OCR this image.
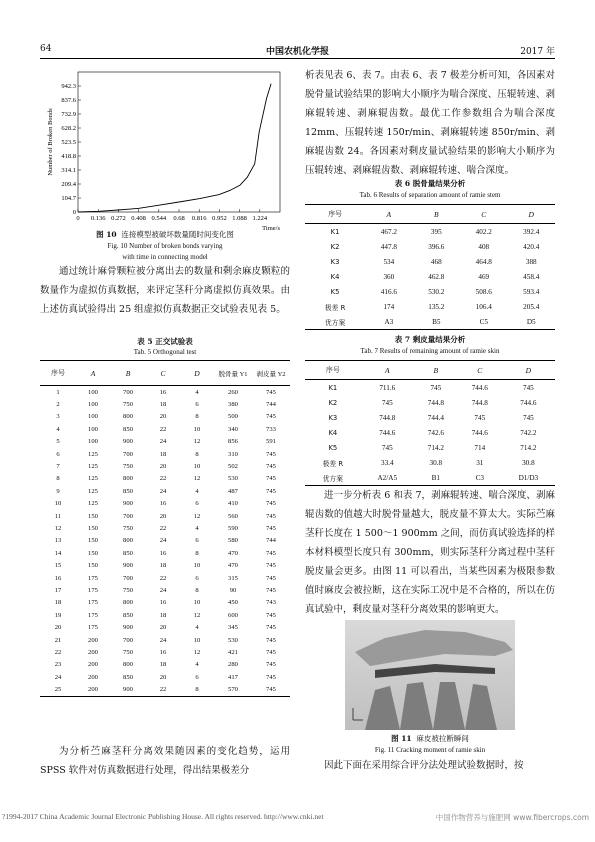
64	中国农机化学报	2017 年
0
104.7
209.4
314.1
418.8
523.5
628.2
732.9
837.6
942.3
0 0.136 0.272 0.408 0.544 0.68 0.816 0.952 1.088 1.224
Number of Broken Bonds
Time/s
图 10 连接模型被破坏数量随时间变化图
Fig. 10 Number of broken bonds varying
with time in connecting model
通过统计麻骨颗粒被分离出去的数量和剩余麻皮颗粒的数量作为虚拟仿真数据，来评定茎秆分离虚拟仿真效果。由上述仿真试验得出 25 组虚拟仿真数据正交试验表见表 5。
表 5 正交试验表
Tab. 5 Orthogonal test
序号	A	B	C	D	脱骨量 Y1	剥皮量 Y2
1	100	700	16	4	260	745
2	100	750	18	6	380	744
3	100	800	20	8	500	745
4	100	850	22	10	340	733
5	100	900	24	12	856	591
6	125	700	18	8	310	745
7	125	750	20	10	502	745
8	125	800	22	12	530	745
9	125	850	24	4	487	745
10	125	900	16	6	410	745
11	150	700	20	12	560	745
12	150	750	22	4	590	745
13	150	800	24	6	580	744
14	150	850	16	8	470	745
15	150	900	18	10	470	745
16	175	700	22	6	315	745
17	175	750	24	8	90	745
18	175	800	16	10	450	743
19	175	850	18	12	600	745
20	175	900	20	4	345	745
21	200	700	24	10	530	745
22	200	750	16	12	421	745
23	200	800	18	4	280	745
24	200	850	20	6	417	745
25	200	900	22	8	570	745
为分析苎麻茎秆分离效果随因素的变化趋势，运用 SPSS 软件对仿真数据进行处理，得出结果极差分
析表见表 6、表 7。由表 6、表 7 极差分析可知，各因素对脱骨量试验结果的影响大小顺序为喘合深度、压辊转速、剥麻辊转速、剥麻辊齿数。最优工作参数组合为喘合深度 12mm、压辊转速 150r/min、剥麻辊转速 850r/min、剥麻辊齿数 24。各因素对剩皮量试验结果的影响大小顺序为压辊转速、剥麻辊齿数、剥麻辊转速、喘合深度。
表 6 脱骨量结果分析
Tab. 6 Results of separation amount of ramie stem
序号	A	B	C	D
K1	467.2	395	402.2	392.4
K2	447.8	396.6	408	420.4
K3	534	468	464.8	388
K4	360	462.8	469	458.4
K5	416.6	530.2	508.6	593.4
极差 R	174	135.2	106.4	205.4
优方案	A3	B5	C5	D5
表 7 剩皮量结果分析
Tab. 7 Results of remaining amount of ramie skin
序号	A	B	C	D
K1	711.6	745	744.6	745
K2	745	744.8	744.8	744.6
K3	744.8	744.4	745	745
K4	744.6	742.6	744.6	742.2
K5	745	714.2	714	714.2
极差 R	33.4	30.8	31	30.8
优方案	A2/A5	B1	C3	D1/D3
进一步分析表 6 和表 7，剥麻辊转速、喘合深度、剥麻辊齿数的值越大时脱骨量越大，脱皮量不算太大。实际苎麻茎秆长度在 1 500～1 900mm 之间，而仿真试验选择的样本材料模型长度只有 300mm，则实际茎秆分离过程中茎秆脱皮量会更多。由图 11 可以看出，当某些因素为极限参数值时麻皮会被拉断，这在实际工况中是不合格的，所以在仿真试验中，剩皮量对茎秆分离效果的影响更大。
图 11 麻皮被拉断瞬间
Fig. 11 Cracking moment of ramie skin
因此下面在采用综合评分法处理试验数据时，按
?1994-2017 China Academic Journal Electronic Publishing House. All rights reserved. http://www.cnki.net	中国作物营养与施肥网 www.fibercrops.com
